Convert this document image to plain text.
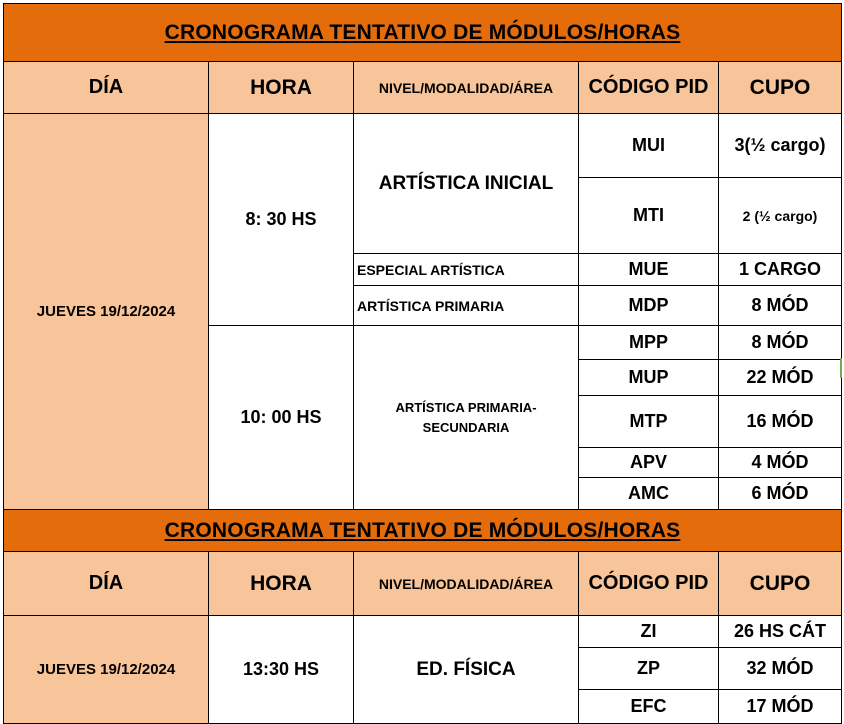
CRONOGRAMA TENTATIVO DE MÓDULOS/HORAS				
DÍA	HORA	NIVEL/MODALIDAD/ÁREA	CÓDIGO PID	CUPO
JUEVES 19/12/2024	8: 30 HS	ARTÍSTICA INICIAL	MUI	3(½ cargo)
			MTI	2 (½ cargo)
		ESPECIAL ARTÍSTICA	MUE	1 CARGO
		ARTÍSTICA PRIMARIA	MDP	8 MÓD
	10: 00 HS	ARTÍSTICA PRIMARIA-SECUNDARIA	MPP	8 MÓD
			MUP	22 MÓD
			MTP	16 MÓD
			APV	4 MÓD
			AMC	6 MÓD
CRONOGRAMA TENTATIVO DE MÓDULOS/HORAS				
DÍA	HORA	NIVEL/MODALIDAD/ÁREA	CÓDIGO PID	CUPO
JUEVES 19/12/2024	13:30 HS	ED. FÍSICA	ZI	26 HS CÁT
			ZP	32 MÓD
			EFC	17 MÓD
